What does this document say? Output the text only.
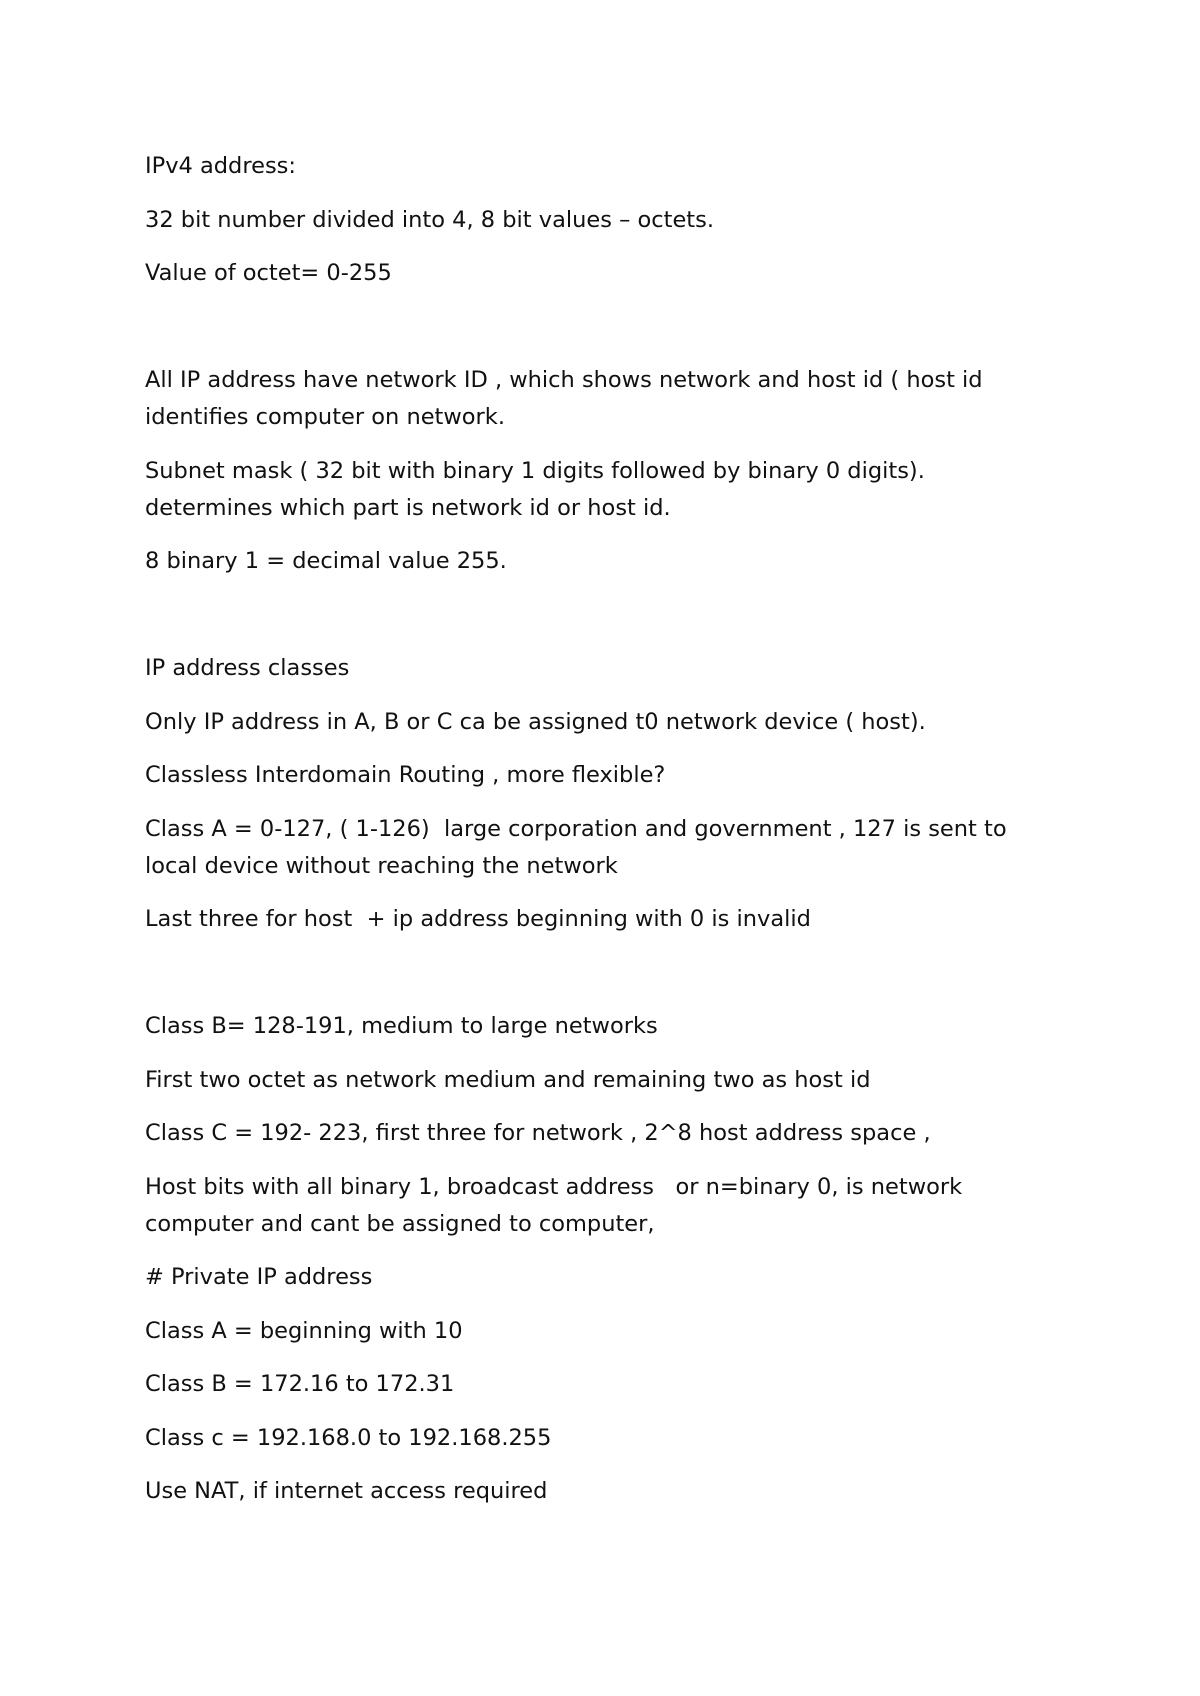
IPv4 address:

32 bit number divided into 4, 8 bit values – octets.

Value of octet= 0-255

All IP address have network ID , which shows network and host id ( host id identifies computer on network.

Subnet mask ( 32 bit with binary 1 digits followed by binary 0 digits). determines which part is network id or host id.

8 binary 1 = decimal value 255.

IP address classes

Only IP address in A, B or C ca be assigned t0 network device ( host).

Classless Interdomain Routing , more flexible?

Class A = 0-127, ( 1-126)  large corporation and government , 127 is sent to local device without reaching the network

Last three for host  + ip address beginning with 0 is invalid

Class B= 128-191, medium to large networks

First two octet as network medium and remaining two as host id

Class C = 192- 223, first three for network , 2^8 host address space ,

Host bits with all binary 1, broadcast address   or n=binary 0, is network computer and cant be assigned to computer,

# Private IP address

Class A = beginning with 10

Class B = 172.16 to 172.31

Class c = 192.168.0 to 192.168.255

Use NAT, if internet access required
